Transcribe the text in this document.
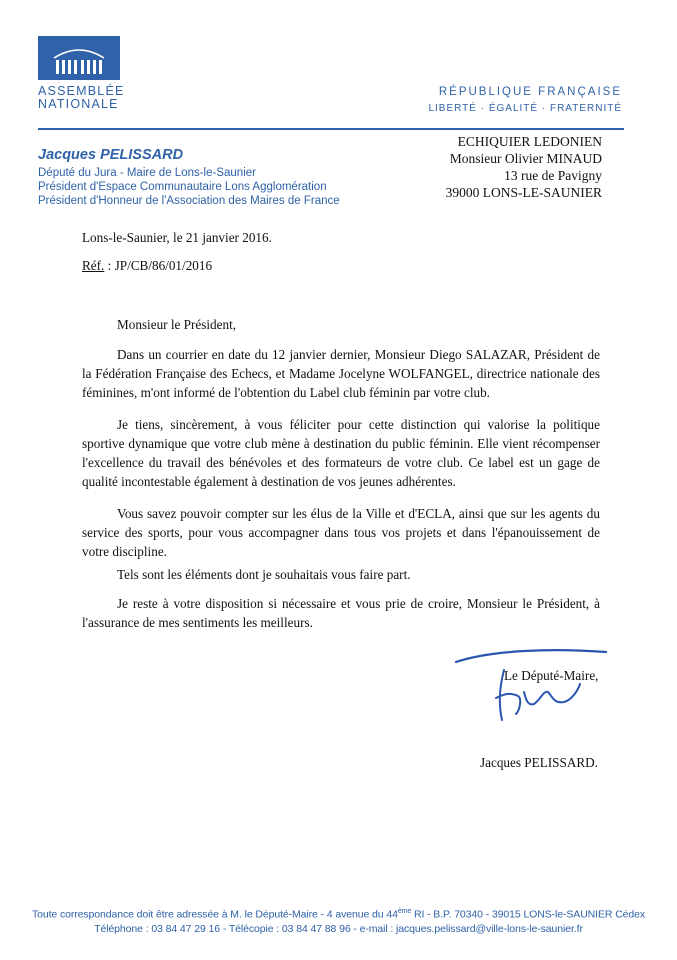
ASSEMBLÉE
NATIONALE
RÉPUBLIQUE FRANÇAISE
LIBERTÉ · ÉGALITÉ · FRATERNITÉ
Jacques PELISSARD
Député du Jura - Maire de Lons-le-Saunier
Président d'Espace Communautaire Lons Agglomération
Président d'Honneur de l'Association des Maires de France
ECHIQUIER LEDONIEN
Monsieur Olivier MINAUD
13 rue de Pavigny
39000 LONS-LE-SAUNIER
Lons-le-Saunier, le 21 janvier 2016.
Réf. : JP/CB/86/01/2016
Monsieur le Président,

Dans un courrier en date du 12 janvier dernier, Monsieur Diego SALAZAR, Président de la Fédération Française des Echecs, et Madame Jocelyne WOLFANGEL, directrice nationale des féminines, m'ont informé de l'obtention du Label club féminin par votre club.

Je tiens, sincèrement, à vous féliciter pour cette distinction qui valorise la politique sportive dynamique que votre club mène à destination du public féminin. Elle vient récompenser l'excellence du travail des bénévoles et des formateurs de votre club. Ce label est un gage de qualité incontestable également à destination de vos jeunes adhérentes.

Vous savez pouvoir compter sur les élus de la Ville et d'ECLA, ainsi que sur les agents du service des sports, pour vous accompagner dans tous vos projets et dans l'épanouissement de votre discipline.

Tels sont les éléments dont je souhaitais vous faire part.

Je reste à votre disposition si nécessaire et vous prie de croire, Monsieur le Président, à l'assurance de mes sentiments les meilleurs.

Le Député-Maire,
Jacques PELISSARD.
Toute correspondance doit être adressée à M. le Député-Maire - 4 avenue du 44ème RI - B.P. 70340 - 39015 LONS-le-SAUNIER Cédex
Téléphone : 03 84 47 29 16 - Télécopie : 03 84 47 88 96 - e-mail : jacques.pelissard@ville-lons-le-saunier.fr
